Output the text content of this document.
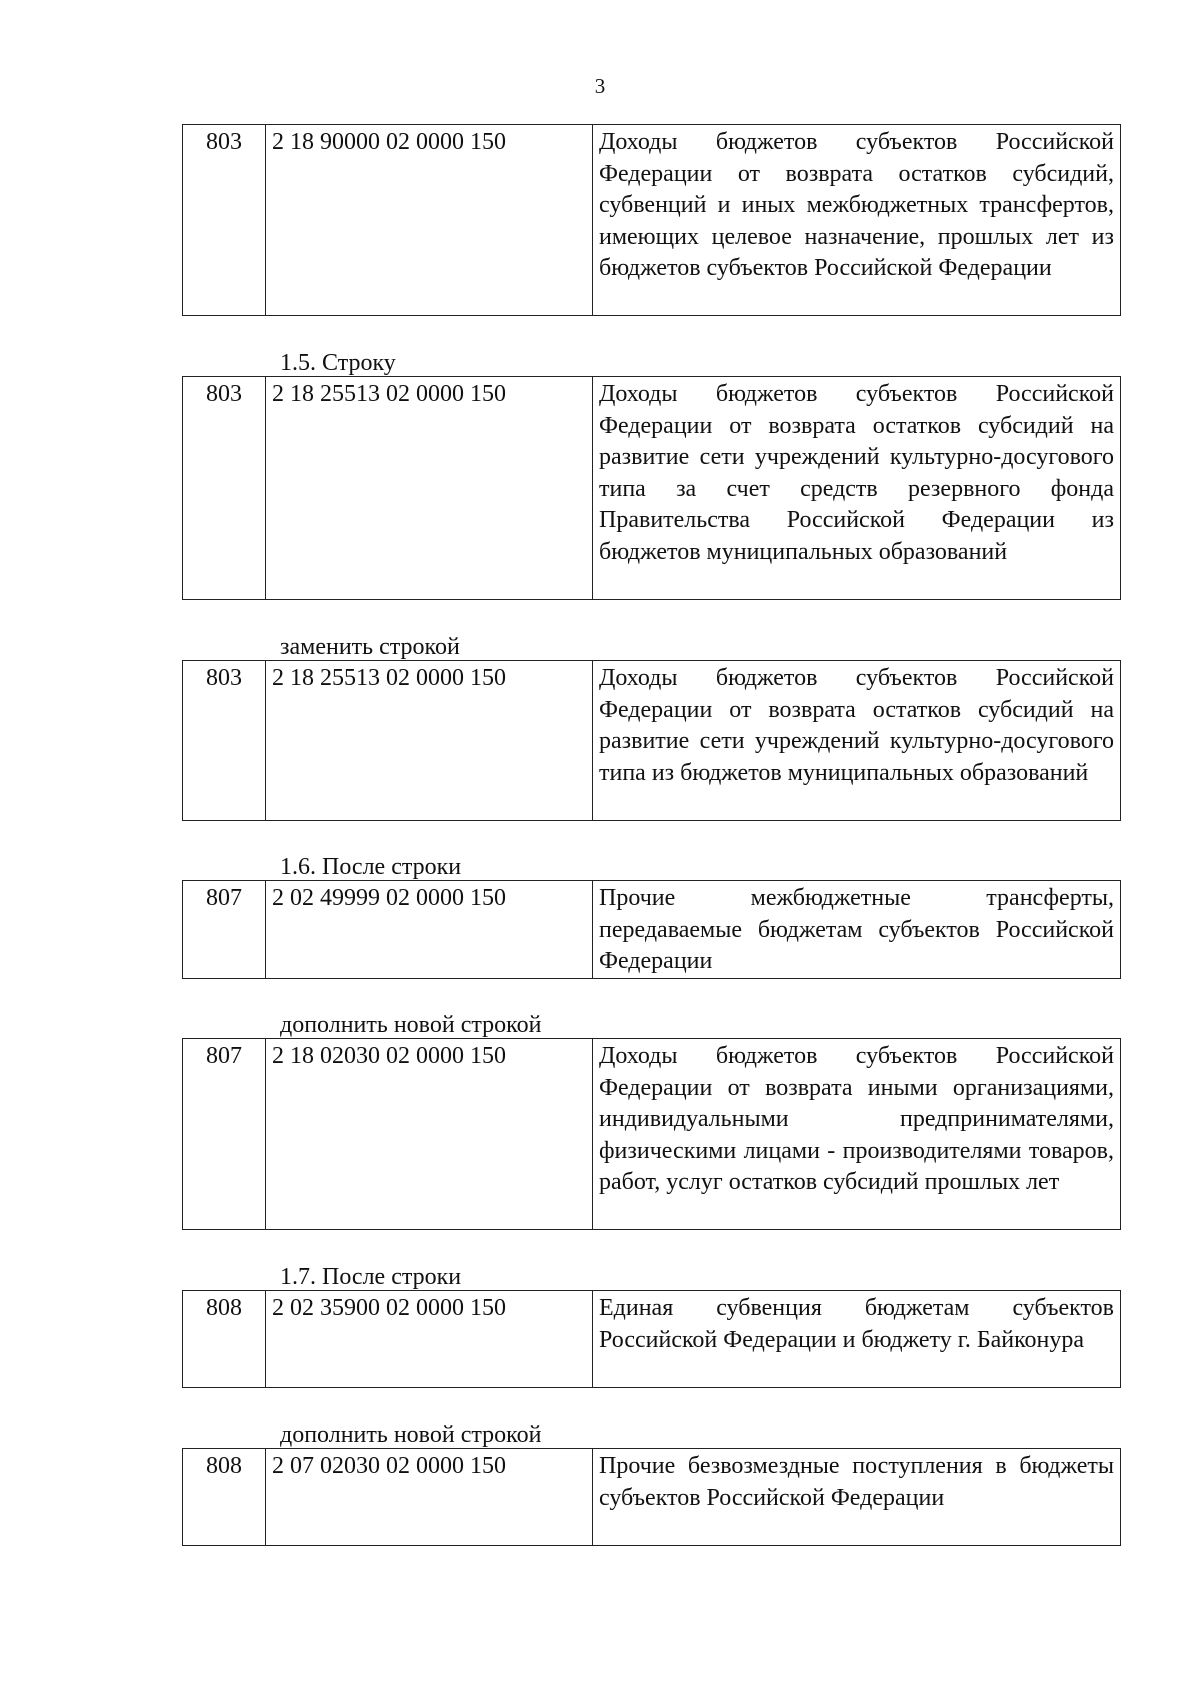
3
803	2 18 90000 02 0000 150	Доходы бюджетов субъектов Российской Федерации от возврата остатков субсидий, субвенций и иных межбюджетных трансфертов, имеющих целевое назначение, прошлых лет из бюджетов субъектов Российской Федерации
1.5. Строку
803	2 18 25513 02 0000 150	Доходы бюджетов субъектов Российской Федерации от возврата остатков субсидий на развитие сети учреждений культурно-досугового типа за счет средств резервного фонда Правительства Российской Федерации из бюджетов муниципальных образований
заменить строкой
803	2 18 25513 02 0000 150	Доходы бюджетов субъектов Российской Федерации от возврата остатков субсидий на развитие сети учреждений культурно-досугового типа из бюджетов муниципальных образований
1.6. После строки
807	2 02 49999 02 0000 150	Прочие межбюджетные трансферты, передаваемые бюджетам субъектов Российской Федерации
дополнить новой строкой
807	2 18 02030 02 0000 150	Доходы бюджетов субъектов Российской Федерации от возврата иными организациями, индивидуальными предпринимателями, физическими лицами - производителями товаров, работ, услуг остатков субсидий прошлых лет
1.7. После строки
808	2 02 35900 02 0000 150	Единая субвенция бюджетам субъектов Российской Федерации и бюджету г. Байконура
дополнить новой строкой
808	2 07 02030 02 0000 150	Прочие безвозмездные поступления в бюджеты субъектов Российской Федерации
